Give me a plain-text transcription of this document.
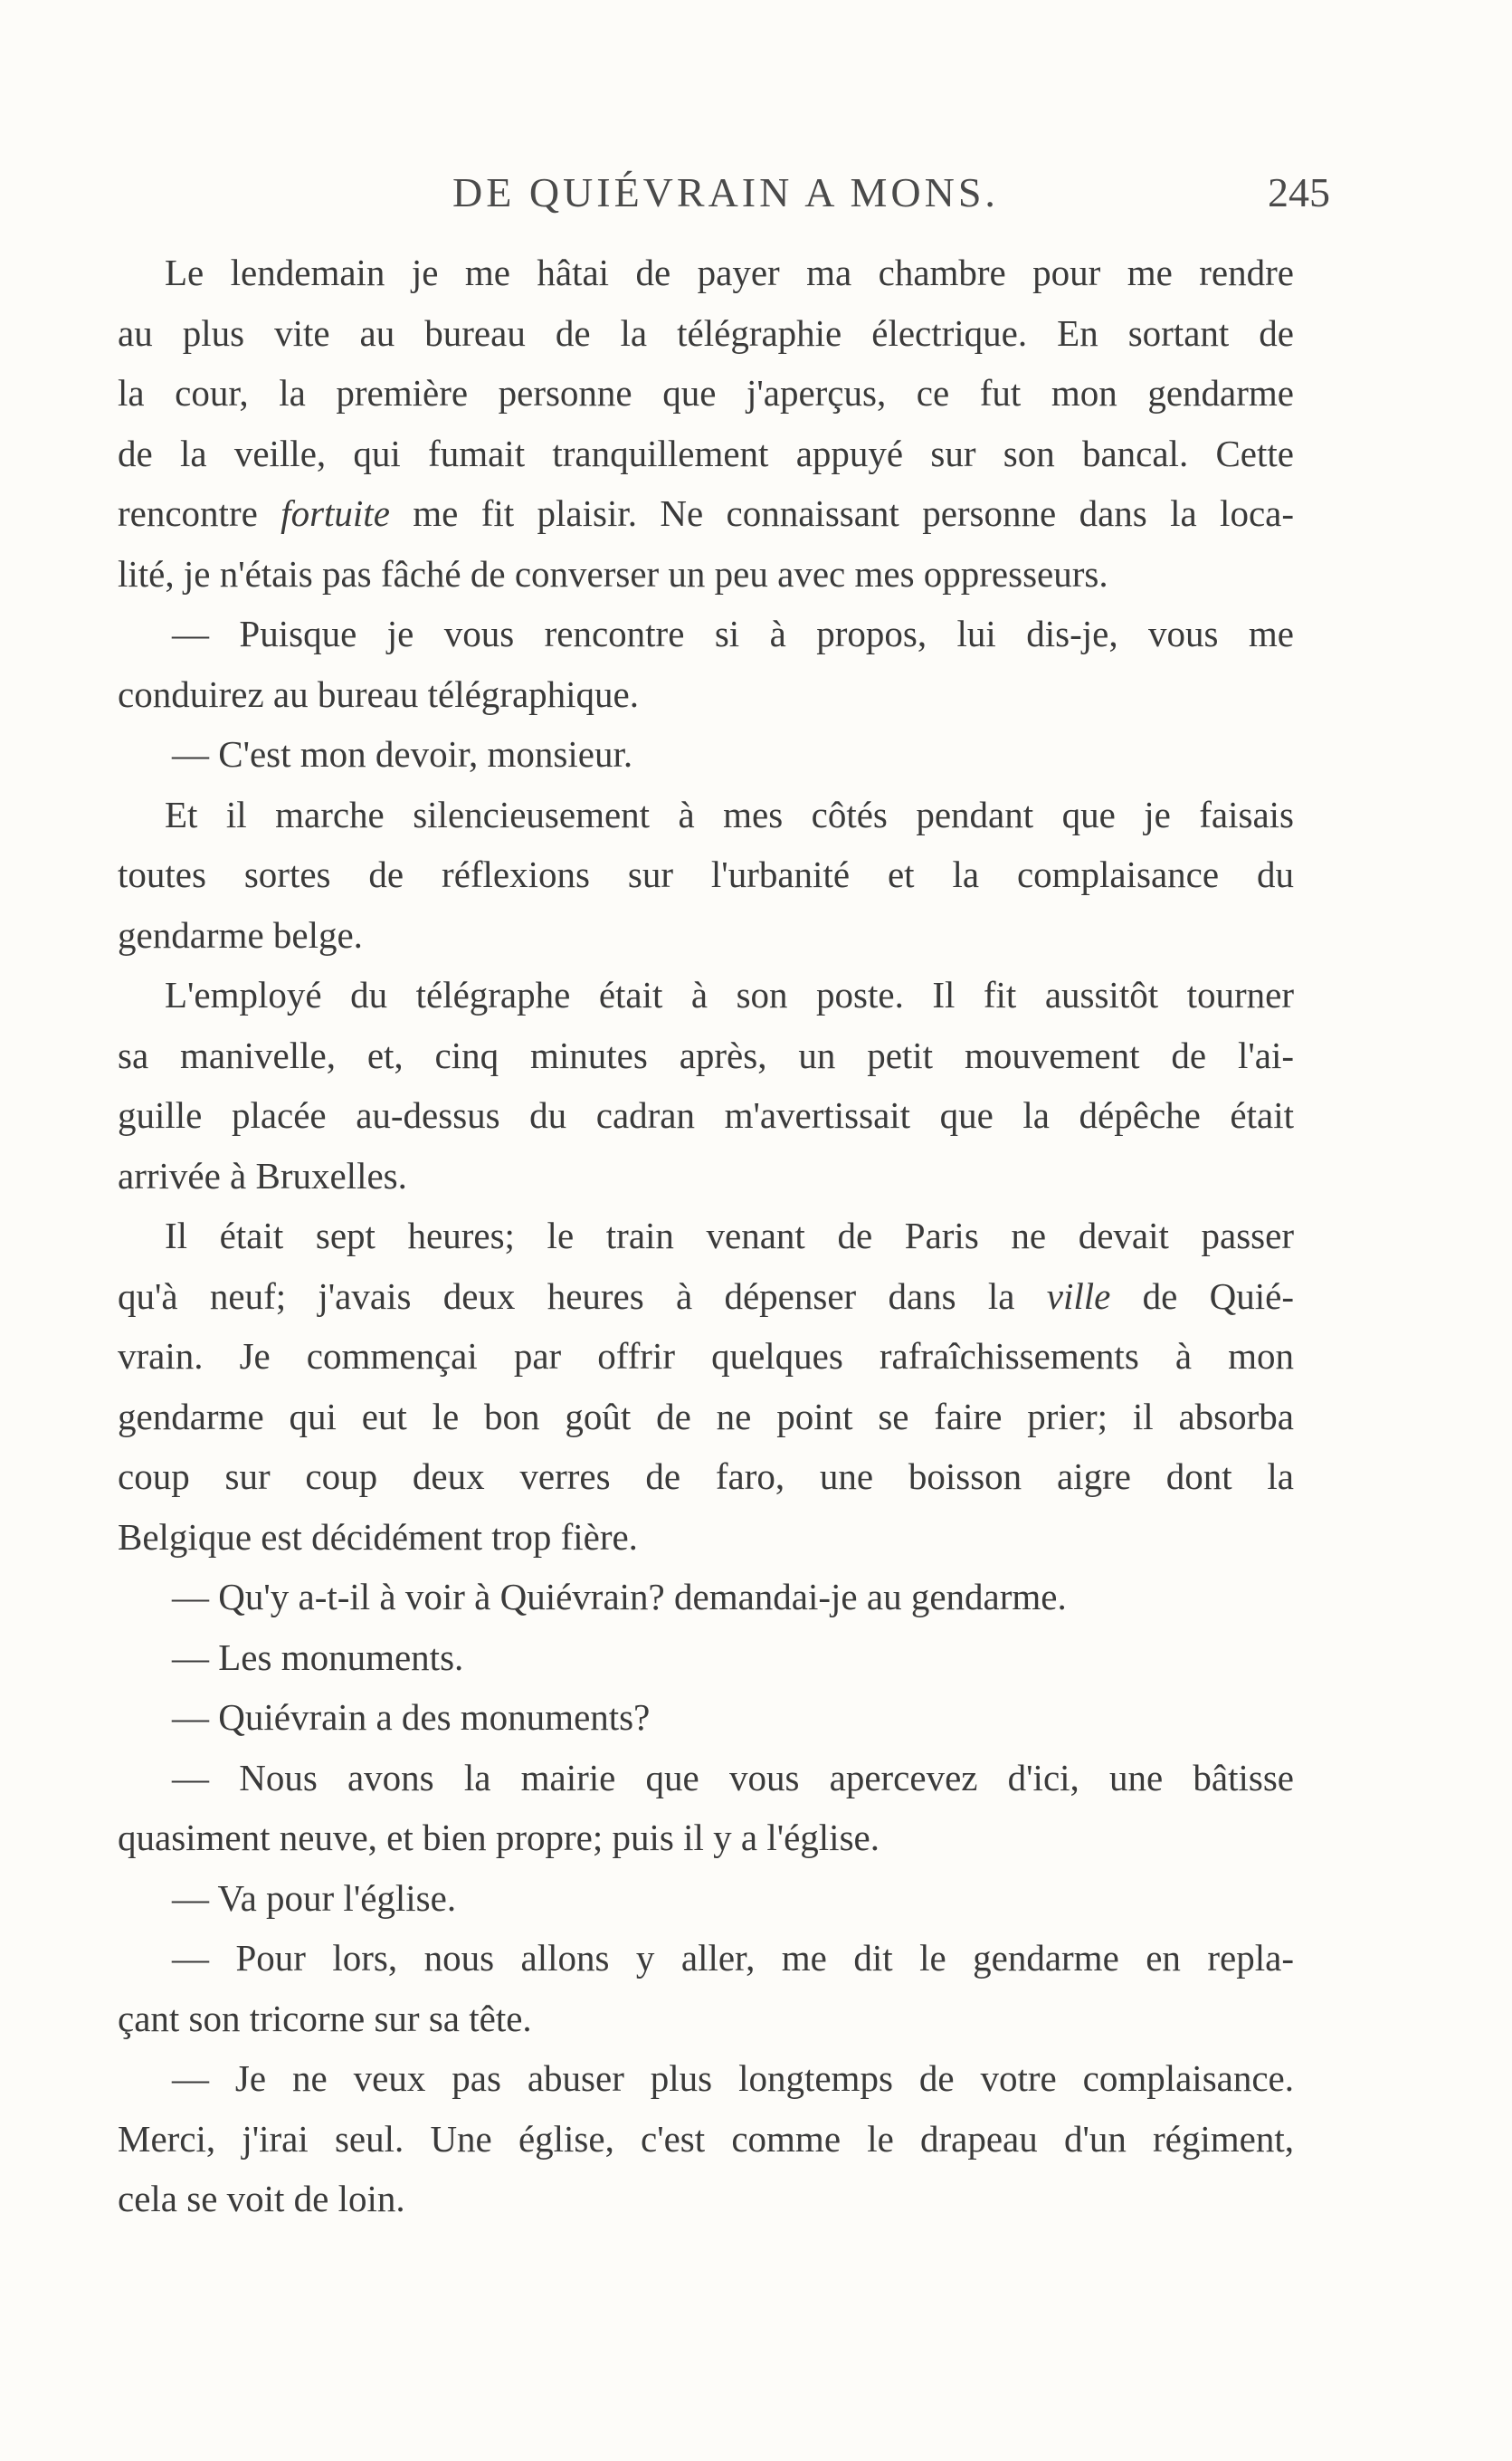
DE QUIÉVRAIN A MONS.	245
Le lendemain je me hâtai de payer ma chambre pour me rendre
au plus vite au bureau de la télégraphie électrique. En sortant de
la cour, la première personne que j'aperçus, ce fut mon gendarme
de la veille, qui fumait tranquillement appuyé sur son bancal. Cette
rencontre fortuite me fit plaisir. Ne connaissant personne dans la loca-
lité, je n'étais pas fâché de converser un peu avec mes oppresseurs.
— Puisque je vous rencontre si à propos, lui dis-je, vous me
conduirez au bureau télégraphique.
— C'est mon devoir, monsieur.
Et il marche silencieusement à mes côtés pendant que je faisais
toutes sortes de réflexions sur l'urbanité et la complaisance du
gendarme belge.
L'employé du télégraphe était à son poste. Il fit aussitôt tourner
sa manivelle, et, cinq minutes après, un petit mouvement de l'ai-
guille placée au-dessus du cadran m'avertissait que la dépêche était
arrivée à Bruxelles.
Il était sept heures; le train venant de Paris ne devait passer
qu'à neuf; j'avais deux heures à dépenser dans la ville de Quié-
vrain. Je commençai par offrir quelques rafraîchissements à mon
gendarme qui eut le bon goût de ne point se faire prier; il absorba
coup sur coup deux verres de faro, une boisson aigre dont la
Belgique est décidément trop fière.
— Qu'y a-t-il à voir à Quiévrain? demandai-je au gendarme.
— Les monuments.
— Quiévrain a des monuments?
— Nous avons la mairie que vous apercevez d'ici, une bâtisse
quasiment neuve, et bien propre; puis il y a l'église.
— Va pour l'église.
— Pour lors, nous allons y aller, me dit le gendarme en repla-
çant son tricorne sur sa tête.
— Je ne veux pas abuser plus longtemps de votre complaisance.
Merci, j'irai seul. Une église, c'est comme le drapeau d'un régiment,
cela se voit de loin.
